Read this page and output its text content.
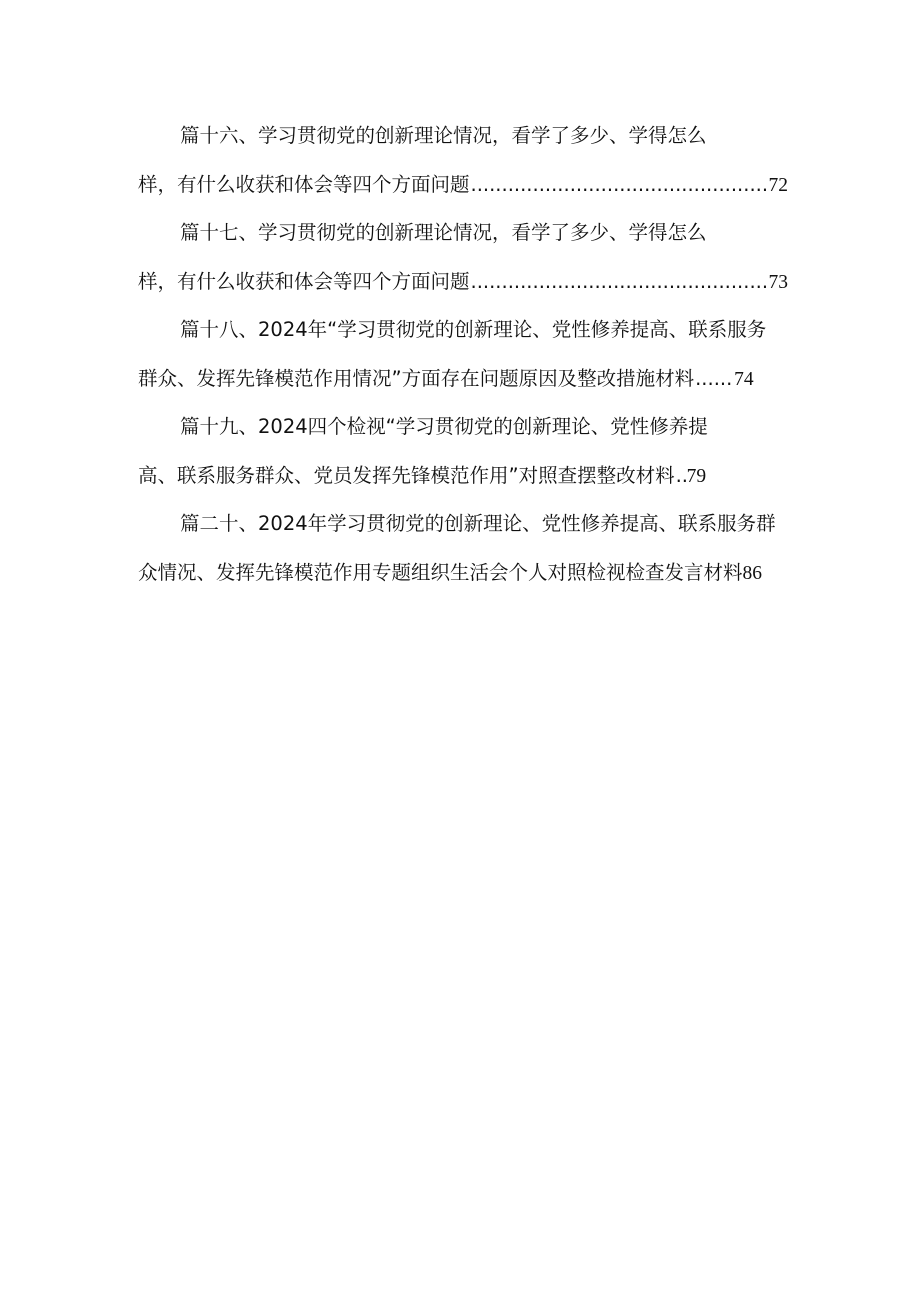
篇十六、学习贯彻党的创新理论情况，看学了多少、学得怎么
样，有什么收获和体会等四个方面问题 .....	72
篇十七、学习贯彻党的创新理论情况，看学了多少、学得怎么
样，有什么收获和体会等四个方面问题 .....	73
篇十八、2024年“学习贯彻党的创新理论、党性修养提高、联系服务
群众、发挥先锋模范作用情况”方面存在问题原因及整改措施材料 ..... 74
篇十九、2024四个检视“学习贯彻党的创新理论、党性修养提
高、联系服务群众、党员发挥先锋模范作用”对照查摆整改材料 ..... 79
篇二十、2024年学习贯彻党的创新理论、党性修养提高、联系服务群
众情况、发挥先锋模范作用专题组织生活会个人对照检视检查发言材料 86
